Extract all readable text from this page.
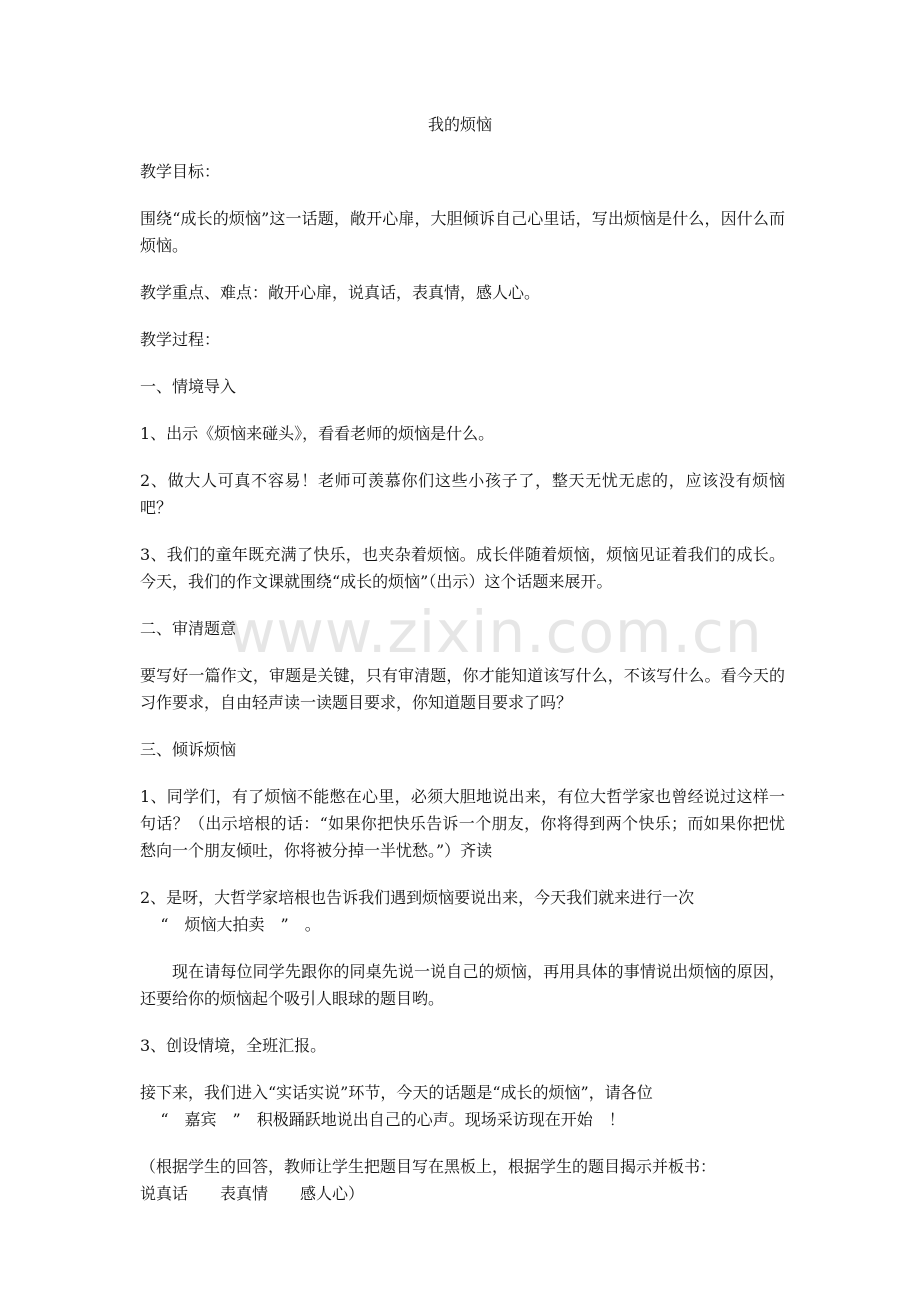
www.zixin.com.cn
我的烦恼

教学目标：

围绕“成长的烦恼”这一话题，敞开心扉，大胆倾诉自己心里话，写出烦恼是什么，因什么而烦恼。

教学重点、难点：敞开心扉，说真话，表真情，感人心。

教学过程：

一、情境导入

1、出示《烦恼来碰头》，看看老师的烦恼是什么。

2、做大人可真不容易！老师可羡慕你们这些小孩子了，整天无忧无虑的，应该没有烦恼吧？

3、我们的童年既充满了快乐，也夹杂着烦恼。成长伴随着烦恼，烦恼见证着我们的成长。今天，我们的作文课就围绕“成长的烦恼”（出示）这个话题来展开。

二、审清题意

要写好一篇作文，审题是关键，只有审清题，你才能知道该写什么，不该写什么。看今天的习作要求，自由轻声读一读题目要求，你知道题目要求了吗？

三、倾诉烦恼

1、同学们，有了烦恼不能憋在心里，必须大胆地说出来，有位大哲学家也曾经说过这样一句话？（出示培根的话：“如果你把快乐告诉一个朋友，你将得到两个快乐；而如果你把忧愁向一个朋友倾吐，你将被分掉一半忧愁。”）齐读

2、是呀，大哲学家培根也告诉我们遇到烦恼要说出来，今天我们就来进行一次
“　烦恼大拍卖　”　。

现在请每位同学先跟你的同桌先说一说自己的烦恼，再用具体的事情说出烦恼的原因，还要给你的烦恼起个吸引人眼球的题目哟。

3、创设情境，全班汇报。

接下来，我们进入“实话实说”环节，今天的话题是“成长的烦恼”，请各位
“　嘉宾　”　积极踊跃地说出自己的心声。现场采访现在开始　！

（根据学生的回答，教师让学生把题目写在黑板上，根据学生的题目揭示并板书：
说真话　　表真情　　感人心）
